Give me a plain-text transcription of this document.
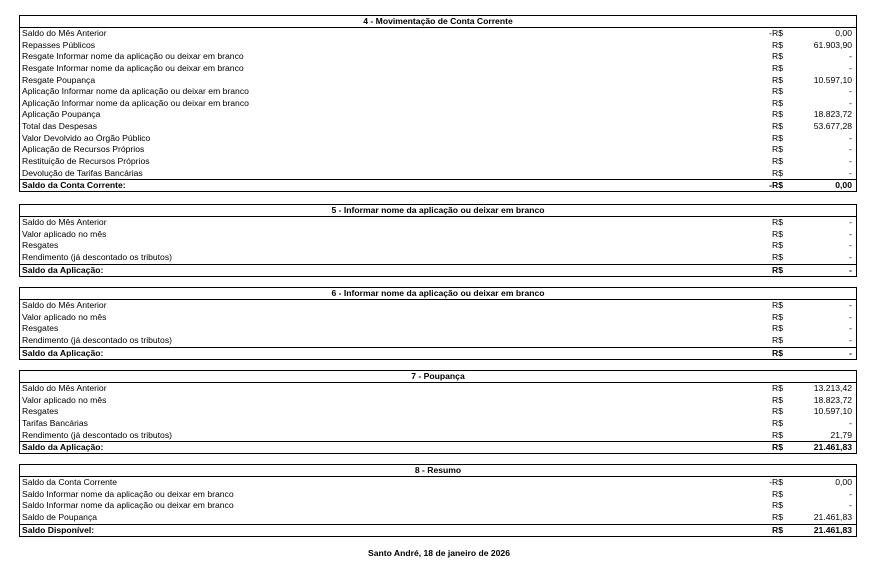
4 - Movimentação de Conta Corrente
Saldo do Mês Anterior	-R$	0,00
Repasses Públicos	R$	61.903,90
Resgate Informar nome da aplicação ou deixar em branco	R$	-
Resgate Informar nome da aplicação ou deixar em branco	R$	-
Resgate Poupança	R$	10.597,10
Aplicação Informar nome da aplicação ou deixar em branco	R$	-
Aplicação Informar nome da aplicação ou deixar em branco	R$	-
Aplicação Poupança	R$	18.823,72
Total das Despesas	R$	53.677,28
Valor Devolvido ao Órgão Público	R$	-
Aplicação de Recursos Próprios	R$	-
Restituição de Recursos Próprios	R$	-
Devolução de Tarifas Bancárias	R$	-
Saldo da Conta Corrente:	-R$	0,00
5 - Informar nome da aplicação ou deixar em branco
Saldo do Mês Anterior	R$	-
Valor aplicado no mês	R$	-
Resgates	R$	-
Rendimento (já descontado os tributos)	R$	-
Saldo da Aplicação:	R$	-
6 - Informar nome da aplicação ou deixar em branco
Saldo do Mês Anterior	R$	-
Valor aplicado no mês	R$	-
Resgates	R$	-
Rendimento (já descontado os tributos)	R$	-
Saldo da Aplicação:	R$	-
7 - Poupança
Saldo do Mês Anterior	R$	13.213,42
Valor aplicado no mês	R$	18.823,72
Resgates	R$	10.597,10
Tarifas Bancárias	R$	-
Rendimento (já descontado os tributos)	R$	21,79
Saldo da Aplicação:	R$	21.461,83
8 - Resumo
Saldo da Conta Corrente	-R$	0,00
Saldo Informar nome da aplicação ou deixar em branco	R$	-
Saldo Informar nome da aplicação ou deixar em branco	R$	-
Saldo de Poupança	R$	21.461,83
Saldo Disponível:	R$	21.461,83
Santo André, 18 de janeiro de 2026
